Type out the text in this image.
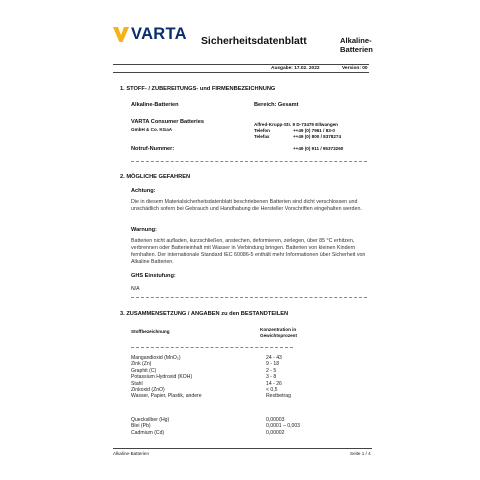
VARTA Sicherheitsdatenblatt	Alkaline-Batterien
Ausgabe: 17.02. 2022	Version: 00
1. STOFF- / ZUBEREITUNGS- und FIRMENBEZEICHNUNG
Alkaline-Batterien	Bereich: Gesamt
VARTA Consumer Batteries
GmbH & Co. KGaA
Alfred-Krupp-Str. 9 D-73479 Ellwangen
Telefon	++49 (0) 7961 / 83-0
Telefax	++49 (0) 800 / 8378274
Notruf-Nummer:	++49 (0) 911 / 95373260
2. MÖGLICHE GEFAHREN
Achtung:
Die in diesem Materialsicherheitsdatenblatt beschriebenen Batterien sind dicht verschlossen und unschädlich sofern bei Gebrauch und Handhabung die Hersteller Vorschriften eingehalten werden.
Warnung:
Batterien nicht aufladen, kurzschließen, anstechen, deformieren, zerlegen, über 85 °C erhitzen, verbrennen oder Batterieinhalt mit Wasser in Verbindung bringen. Batterien von kleinen Kindern fernhalten. Der internationale Standard IEC 60086-5 enthält mehr Informationen über Sicherheit von Alkaline Batterien.
GHS Einstufung:
N/A
3. ZUSAMMENSETZUNG / ANGABEN zu den BESTANDTEILEN
Stoffbezeichnung	Konzentration in
Gewichtsprozent
Mangandioxid (MnO₂)	24 - 43
Zink (Zn)	9 - 18
Graphit (C)	2 - 5
Potassium Hydroxid (KOH)	3 - 8
Stahl	14 - 26
Zinkoxid (ZnO)	< 0,5
Wasser, Papier, Plastik, andere	Restbetrag
Quecksilber (Hg)	0,00003
Blei (Pb)	0,0001 – 0,003
Cadmium (Cd)	0,00002
Alkaline-Batterien	Seite 1 / 4
